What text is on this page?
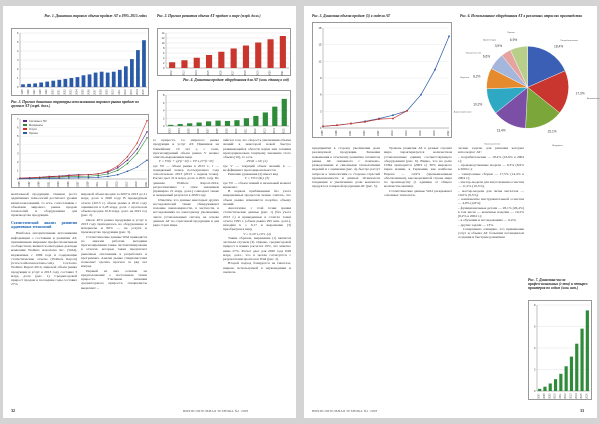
Рис. 1. Динамика мирового объема продаж АТ в 1995–2015 годах
0
1
2
3
4
5
6
1995 1996 1997 1998 1999 2000 2001 2002 2003 2004 2005 2006 2007 2008 2009 2010 2011 2012 2013 2014 2015
Рис. 2. Прогноз развития объема АТ-продаж в мире (млрд. долл.)
0
2
4
6
8
10
12
14
2012	2013	2014	2015	2016	2017	2018	2019	2020	2021
Рис. 4. Динамика продаж оборудования для АТ (млн. единиц в год)
0
2
4
6
8
2003	2004	2005	2006	2007	2008	2009	2010	2011	2012	2013	2014	2015
Рис. 3. Прогноз динамики структуры использования мирового рынка продаж по группам АТ (млрд. долл.)
0
1
2
3
4
5
6
7
1995	1997	1999	2001	2003	2005	2007	2009	2011	2013	2015	2017	2019	2021
Системы и ПО
Материалы
Услуги
Прочее

ментальной продукции. Оценки роста аддитивных технологий достигают уровня капиталовложений, то есть, сопоставимы с объемами мирового рынка продаж технологий и оборудования для производства продукции.

Статистический анализ развития аддитивных технологий

Наиболее авторитетными источниками информации о состоянии и развитии АТ, признанными мировым профессиональным сообществом, являются ежегодные доклады компании Wohlers Associates Inc. (WAI), издаваемые с 1996 года и содержащие статистические отчеты (Wohlers Report) (www.wohlersassociates.com). Согласно Wohlers Report-2014, мировой объем рынка продукции и услуг в 2013 году составил 3 млрд. долл. (рис. 1). Среднегодовой прирост продаж в последние годы составил 27%.

мировой объем продаж за 2007 и 2013 до 21 млрд. долл. в 2020 году. В предыдущем отчете (2013 г.) объем рынка в 2012 году оценивался в 2,28 млрд. долл. с прогнозом объема продаж 10,8 млрд. долл. на 2021 год (рис. 2).

Около 40% рынка продукции и услуг в 2013 году приходилось на оборудование и материалы и 60% — на услуги и производство продукции (рис. 3).

Статистические данные WAI приводятся по многим работам, методики прогнозирования также систематизированы в отчетах, которые также предлагают рыночные отклонения в разработках и программах. Анализ рынка специалистами позволяет сделать прогноз за ряд лет вперед.

Первый из них основан на предположении о постоянном темпе прироста. Учитывая значения среднегодового прироста, специалисты выделяют ...

го прироста, т.е. мирового рынка продукции и услуг АТ. Принимая на ближайшие 10 лет q = const, прогнозируемый объем рынка V можно описать выражением вида

V = V0(1 + q)^(t−t0) = V0·1,27^(t−t0)

где V0 — объем рынка в 2013 г., т — порядковый номер последующего года относительно 2013 (2013 = первая точка). Расчет дает 21,9 млрд. долл. в 2021 году. По данным Wohlers Report-2014, ретроспективно с этим значением (примерно 21 млрд. долл.) совпадает также и ожидаемый результат к 2020 году.

Отметим, что данные некоторых других исследователей также обнаруживают похожие закономерности, в частности, в исследованиях по ежегодному увеличению числа установленных систем, на основе данных АТ по отраслевой продукции и для ряда стран мира.

пейся в том, что скорость увеличения объема знаний в некоторой новой быстро развивающейся области науки или техники пропорциональна текущему значению этого объема [10], то есть

dV/dt = kV, (2)

где V — текущий объем знаний, k — коэффициент пропорциональности.

Решение уравнения (2) имеет вид

V = V0·e^(kt), (3)

где V0 — объем знаний в начальный момент времени t.

В первом приближении без учета инерционных процессов можно считать, что объем рынка изменяется подобно объему знаний.

Аналогично с этой точки зрения статистические данные (рис. 1) (без учета 2013 г.) и приведенные в отчетах точки отчета 1995 г. (объем рынка 295 млн. долл.), находим k = 0,17 и выражение (3) преобразуем к виду

V = 0,29·1,19^t. (4)

Таким образом, выражение (1) является частным случаем (3). Однако, среднегодовой прирост в наших расчетах 19%, что заметно ниже 27%. Расчет дает для 2020 года 9,98 млрд. долл., что в целом согласуется с результатами прогнозов WAI (рис. 2).

Второй подход базируется на гипотезе, широко используемой в науковедении и заключа-

32	ВЫЧИСЛИТЕЛЬНАЯ ТЕХНИКА №1·2008
Рис. 5. Динамика объема продаж (5) в модели АТ
0
3
6
9
12
15
18
1995	1998	2001	2004	2007	2010	2013	2016	2019	2022
Рис. 6. Использование оборудования АТ в различных отраслях производства
18,4%
Потребительские
17,3%
Автомобили
15,1%
Медицина
13,4%
Промышленное
10,2%
Аэрокосмические
8,2%
Научные
6,6%
Правительство
3,9%
Архитектура	6,9%
Прочие

предприятия в сторону увеличения доли реализуемой продукции. Значения повышения к отчетному развитию сегментов рынка АТ, связанного с поисково-разведочными и сквозными технологиями изделий и с оценками (рис. 4), быстро растут запросы к технологиям со стороны отраслей промышленности и данных. Отмечается тенденция к увеличению доли конечного продукта в товарной продукции АТ (рис. 5).

Уровень развития АТ в разных странах мира характеризуется количеством установленных единиц соответствующего оборудования (рис. 6). Видно, что на долю США приходится (2003 г.) 36% мирового парка машин, в Германии, как наиболее Европе — 14,9% (промышленным обеспечением), высокоразвитой стране мира по производству (1 единица от общего количества машин).

Статистические данные WAI раскрывают основные технологи-

ческие задачи, для решения которых используют АТ:

– потребительские — 18,4% (16,6% в 2004 г.);

– производственные модели — 9,3% (8,9% в 2004 г.);

– электронные сборки — 17,5% (14,4% в 2004 г.);

– мастер-модели для изготовления оснастки — 11,2% (10,5%);

– мастер-модели для литья металлов — 10,0% (9,5%);

– компоненты инструментальной оснастки — 4,8% (4,8%);

– функциональные детали — 28,1% (26,4%) в том числе — конечные изделия — 19,2% (8,2% в 2004 г.);

– в обучении и исследованиях — 6,4%;

– другие задачи — 13%.

Совершенно очевидно, что применение услуг и объема АТ большим потенциалом создания и быстрым развитием

Рис. 7. Динамика числа профессиональных (слева) и четырех принтеров по годам (млн. шт.)
0
2
4
6
8
2007 2008 2009 2010 2011 2012 2013 2014 2015 2016
ВЫЧИСЛИТЕЛЬНАЯ ТЕХНИКА №1·2008	33
